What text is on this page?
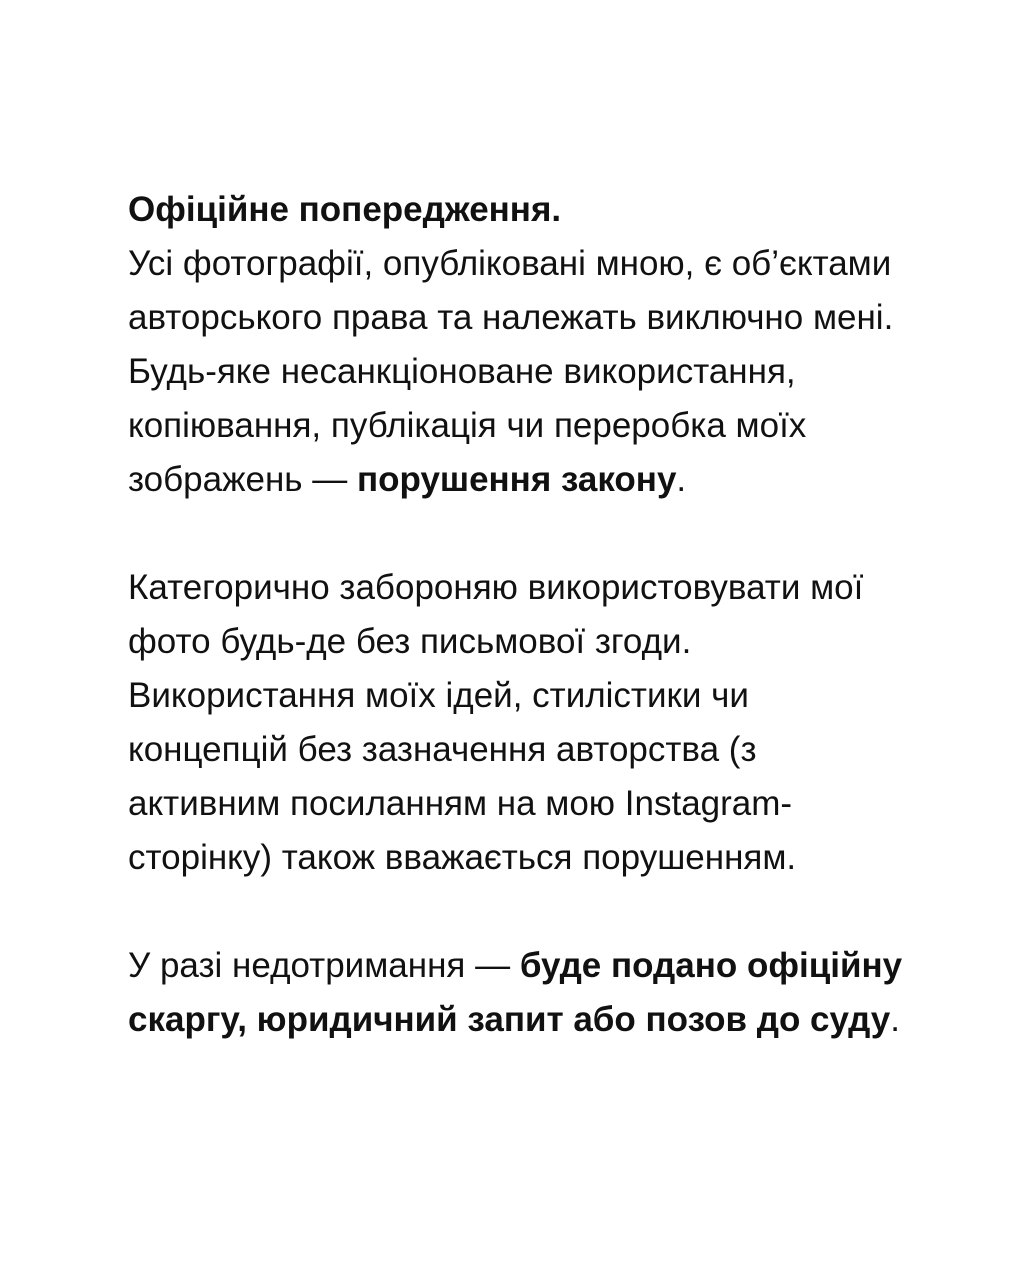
Офіційне попередження.
Усі фотографії, опубліковані мною, є об’єктами авторського права та належать виключно мені. Будь-яке несанкціоноване використання, копіювання, публікація чи переробка моїх зображень — порушення закону.

Категорично забороняю використовувати мої фото будь-де без письмової згоди. Використання моїх ідей, стилістики чи концепцій без зазначення авторства (з активним посиланням на мою Instagram-сторінку) також вважається порушенням.

У разі недотримання — буде подано офіційну скаргу, юридичний запит або позов до суду.
